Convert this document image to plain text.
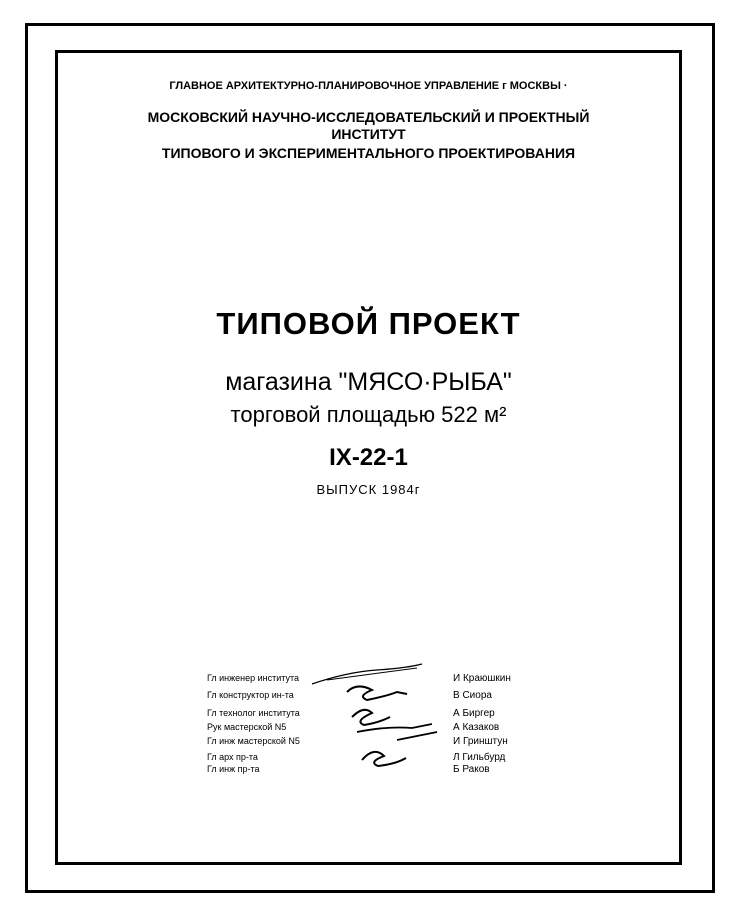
ГЛАВНОЕ АРХИТЕКТУРНО-ПЛАНИРОВОЧНОЕ УПРАВЛЕНИЕ г МОСКВЫ ·
МОСКОВСКИЙ НАУЧНО-ИССЛЕДОВАТЕЛЬСКИЙ И ПРОЕКТНЫЙ
ИНСТИТУТ
ТИПОВОГО И ЭКСПЕРИМЕНТАЛЬНОГО ПРОЕКТИРОВАНИЯ
ТИПОВОЙ ПРОЕКТ
магазина "МЯСО·РЫБА"
торговой площадью 522 м²
IX-22-1
ВЫПУСК 1984г
Гл инженер института	И Краюшкин
Гл конструктор ин-та	В Сиора
Гл технолог института	А Биргер
Рук мастерской N5	А Казаков
Гл инж мастерской N5	И Гринштун
Гл арх пр-та	Л Гильбурд
Гл инж пр-та	Б Раков
